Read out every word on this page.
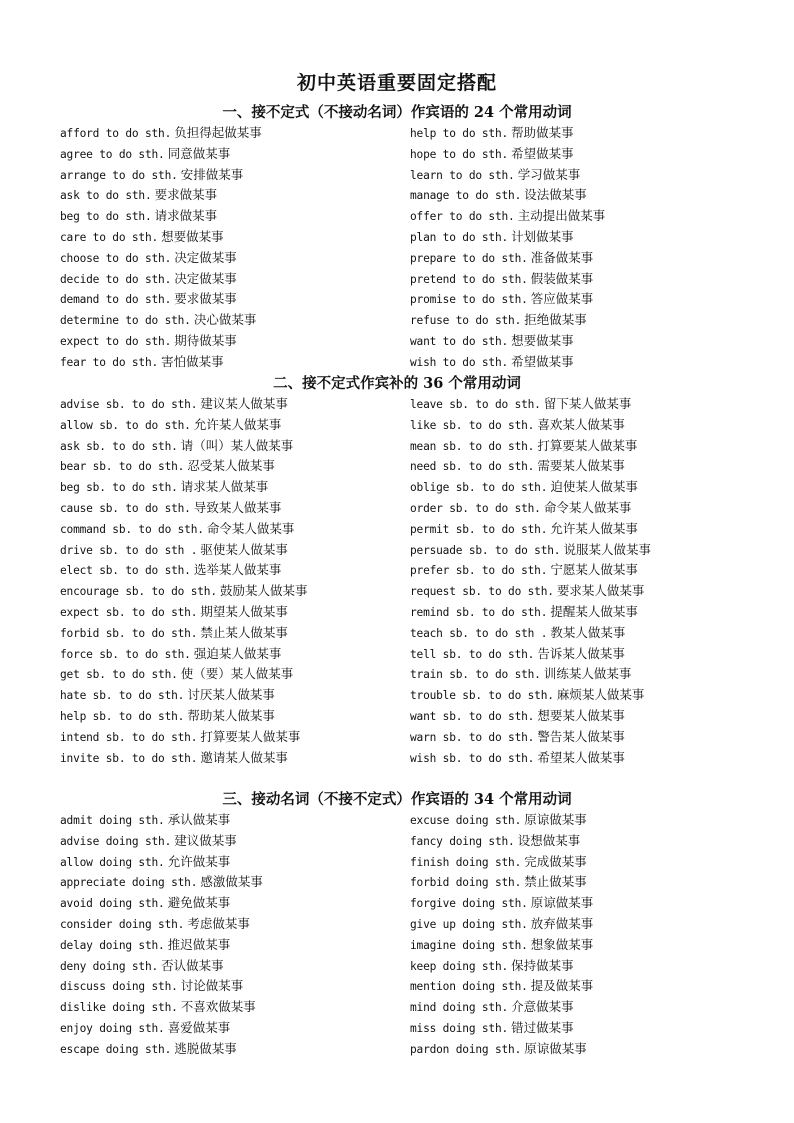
初中英语重要固定搭配
一、接不定式（不接动名词）作宾语的 24 个常用动词
afford to do sth. 负担得起做某事	help to do sth. 帮助做某事
agree to do sth. 同意做某事	hope to do sth. 希望做某事
arrange to do sth. 安排做某事	learn to do sth. 学习做某事
ask to do sth. 要求做某事	manage to do sth. 设法做某事
beg to do sth. 请求做某事	offer to do sth. 主动提出做某事
care to do sth. 想要做某事	plan to do sth. 计划做某事
choose to do sth. 决定做某事	prepare to do sth. 准备做某事
decide to do sth. 决定做某事	pretend to do sth. 假装做某事
demand to do sth. 要求做某事	promise to do sth. 答应做某事
determine to do sth. 决心做某事	refuse to do sth. 拒绝做某事
expect to do sth. 期待做某事	want to do sth. 想要做某事
fear to do sth. 害怕做某事	wish to do sth. 希望做某事
二、接不定式作宾补的 36 个常用动词
advise sb. to do sth. 建议某人做某事	leave sb. to do sth. 留下某人做某事
allow sb. to do sth. 允许某人做某事	like sb. to do sth. 喜欢某人做某事
ask sb. to do sth. 请（叫）某人做某事	mean sb. to do sth. 打算要某人做某事
bear sb. to do sth. 忍受某人做某事	need sb. to do sth. 需要某人做某事
beg sb. to do sth. 请求某人做某事	oblige sb. to do sth. 迫使某人做某事
cause sb. to do sth. 导致某人做某事	order sb. to do sth. 命令某人做某事
command sb. to do sth. 命令某人做某事	permit sb. to do sth. 允许某人做某事
drive sb. to do sth . 驱使某人做某事	persuade sb. to do sth. 说服某人做某事
elect sb. to do sth. 选举某人做某事	prefer sb. to do sth. 宁愿某人做某事
encourage sb. to do sth. 鼓励某人做某事	request sb. to do sth. 要求某人做某事
expect sb. to do sth. 期望某人做某事	remind sb. to do sth. 提醒某人做某事
forbid sb. to do sth. 禁止某人做某事	teach sb. to do sth . 教某人做某事
force sb. to do sth. 强迫某人做某事	tell sb. to do sth. 告诉某人做某事
get sb. to do sth. 使（要）某人做某事	train sb. to do sth. 训练某人做某事
hate sb. to do sth. 讨厌某人做某事	trouble sb. to do sth. 麻烦某人做某事
help sb. to do sth. 帮助某人做某事	want sb. to do sth. 想要某人做某事
intend sb. to do sth. 打算要某人做某事	warn sb. to do sth. 警告某人做某事
invite sb. to do sth. 邀请某人做某事	wish sb. to do sth. 希望某人做某事
三、接动名词（不接不定式）作宾语的 34 个常用动词
admit doing sth. 承认做某事	excuse doing sth. 原谅做某事
advise doing sth. 建议做某事	fancy doing sth. 设想做某事
allow doing sth. 允许做某事	finish doing sth. 完成做某事
appreciate doing sth. 感激做某事	forbid doing sth. 禁止做某事
avoid doing sth. 避免做某事	forgive doing sth. 原谅做某事
consider doing sth. 考虑做某事	give up doing sth. 放弃做某事
delay doing sth. 推迟做某事	imagine doing sth. 想象做某事
deny doing sth. 否认做某事	keep doing sth. 保持做某事
discuss doing sth. 讨论做某事	mention doing sth. 提及做某事
dislike doing sth. 不喜欢做某事	mind doing sth. 介意做某事
enjoy doing sth. 喜爱做某事	miss doing sth. 错过做某事
escape doing sth. 逃脱做某事	pardon doing sth. 原谅做某事
